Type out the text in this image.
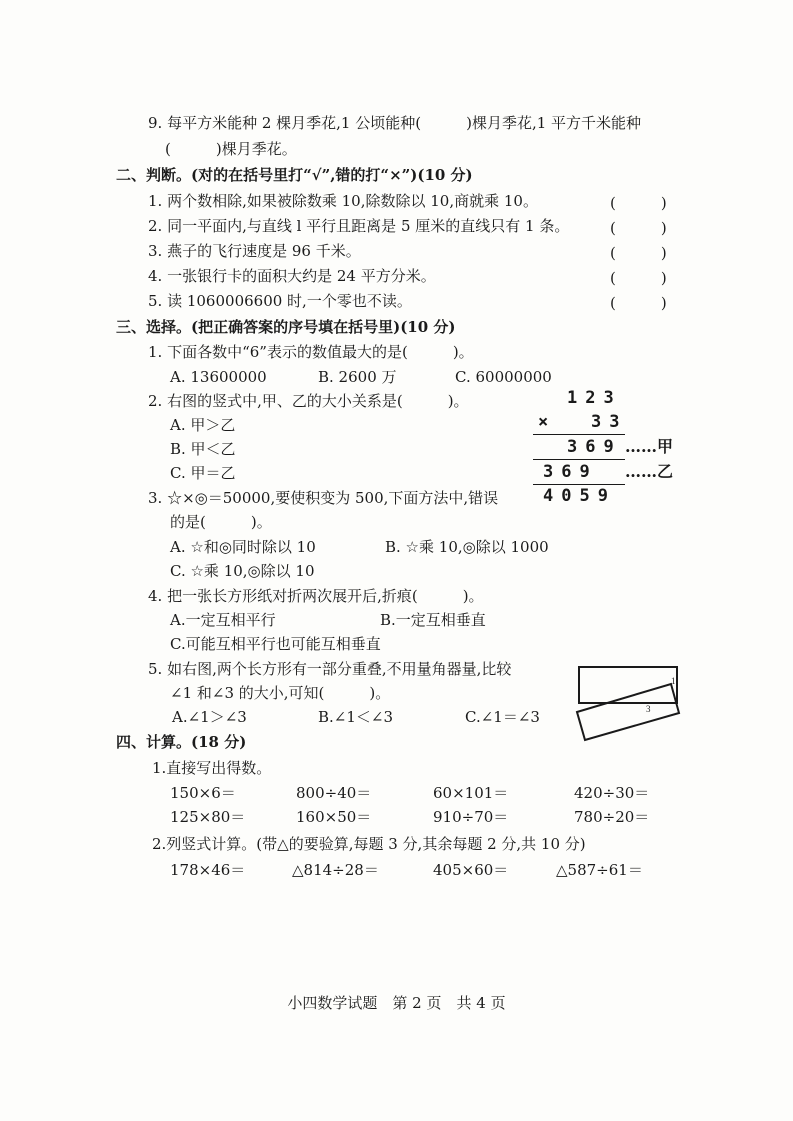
9. 每平方米能种 2 棵月季花,1 公顷能种(　　　)棵月季花,1 平方千米能种
(　　　)棵月季花。
二、判断。(对的在括号里打“√”,错的打“×”)(10 分)
1. 两个数相除,如果被除数乘 10,除数除以 10,商就乘 10。	(　　　)
2. 同一平面内,与直线 l 平行且距离是 5 厘米的直线只有 1 条。	(　　　)
3. 燕子的飞行速度是 96 千米。	(　　　)
4. 一张银行卡的面积大约是 24 平方分米。	(　　　)
5. 读 1060006600 时,一个零也不读。	(　　　)
三、选择。(把正确答案的序号填在括号里)(10 分)
1. 下面各数中“6”表示的数值最大的是(　　　)。
A. 13600000	B. 2600 万	C. 60000000
2. 右图的竖式中,甲、乙的大小关系是(　　　)。
A. 甲＞乙
B. 甲＜乙
C. 甲＝乙
123
× 33
369 ……甲
369 ……乙
4059
3. ☆×◎＝50000,要使积变为 500,下面方法中,错误
的是(　　　)。
A. ☆和◎同时除以 10	B. ☆乘 10,◎除以 1000
C. ☆乘 10,◎除以 10
4. 把一张长方形纸对折两次展开后,折痕(　　　)。
A.一定互相平行	B.一定互相垂直
C.可能互相平行也可能互相垂直
5. 如右图,两个长方形有一部分重叠,不用量角器量,比较
∠1 和∠3 的大小,可知(　　　)。
A.∠1＞∠3	B.∠1＜∠3	C.∠1＝∠3
1
3
四、计算。(18 分)
1.直接写出得数。
150×6＝	800÷40＝	60×101＝	420÷30＝
125×80＝	160×50＝	910÷70＝	780÷20＝
2.列竖式计算。(带△的要验算,每题 3 分,其余每题 2 分,共 10 分)
178×46＝	△814÷28＝	405×60＝	△587÷61＝
小四数学试题　第 2 页　共 4 页
